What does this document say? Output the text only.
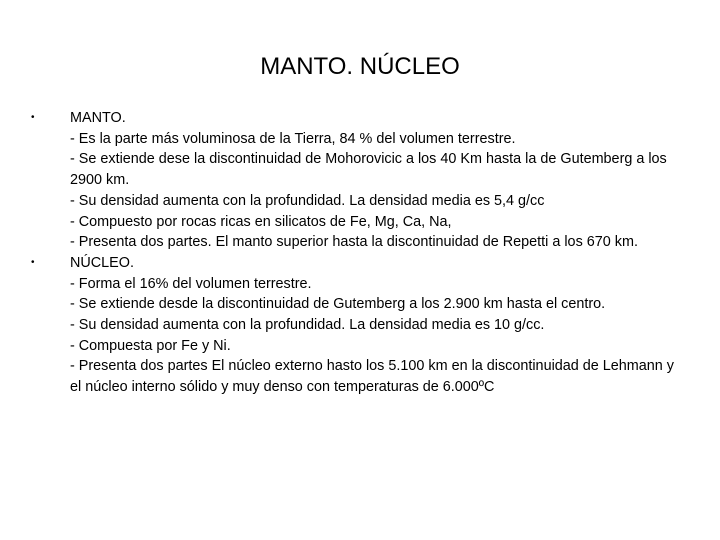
MANTO. NÚCLEO
• MANTO.
- Es la parte más voluminosa de la Tierra, 84 % del volumen terrestre.
- Se extiende dese la discontinuidad de Mohorovicic a los 40 Km hasta la de Gutemberg a los 2900 km.
- Su densidad aumenta con la profundidad. La densidad media es 5,4 g/cc
- Compuesto por rocas ricas en silicatos de Fe, Mg, Ca, Na,
- Presenta dos partes. El manto superior hasta la discontinuidad de Repetti a los 670 km.
• NÚCLEO.
- Forma el 16% del volumen terrestre.
- Se extiende desde la discontinuidad de Gutemberg a los 2.900 km hasta el centro.
- Su densidad aumenta con la profundidad. La densidad media es 10 g/cc.
- Compuesta por Fe y Ni.
- Presenta dos partes El núcleo externo hasto los 5.100 km en la discontinuidad de Lehmann y el núcleo interno sólido y muy denso con temperaturas de 6.000ºC
